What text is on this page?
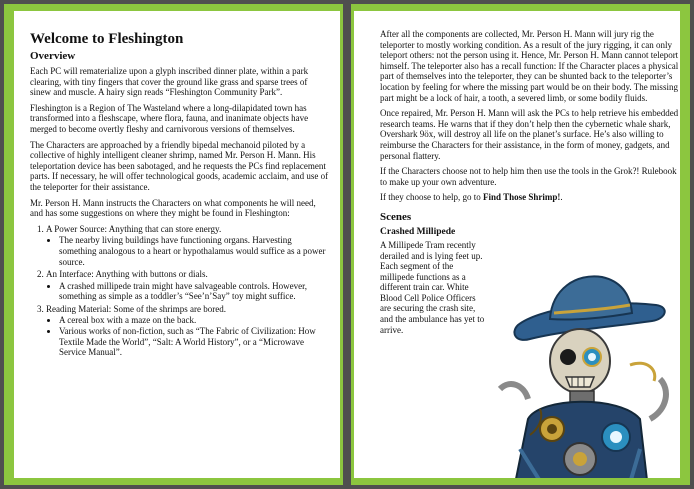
Welcome to Fleshington
Overview

Each PC will rematerialize upon a glyph inscribed dinner plate, within a park clearing, with tiny fingers that cover the ground like grass and sparse trees of sinew and muscle. A hairy sign reads “Fleshington Community Park”.

Fleshington is a Region of The Wasteland where a long-dilapidated town has transformed into a fleshscape, where flora, fauna, and inanimate objects have merged to become overtly fleshy and carnivorous versions of themselves.

The Characters are approached by a friendly bipedal mechanoid piloted by a collective of highly intelligent cleaner shrimp, named Mr. Person H. Mann. His teleportation device has been sabotaged, and he requests the PCs find replacement parts. If necessary, he will offer technological goods, academic acclaim, and use of the teleporter for their assistance.

Mr. Person H. Mann instructs the Characters on what components he will need, and has some suggestions on where they might be found in Fleshington:

1. A Power Source: Anything that can store energy.
• The nearby living buildings have functioning organs. Harvesting something analogous to a heart or hypothalamus would suffice as a power source.
2. An Interface: Anything with buttons or dials.
• A crashed millipede train might have salvageable controls. However, something as simple as a toddler’s “See’n’Say” toy might suffice.
3. Reading Material: Some of the shrimps are bored.
• A cereal box with a maze on the back.
• Various works of non-fiction, such as “The Fabric of Civilization: How Textile Made the World”, “Salt: A World History”, or a “Microwave Service Manual”.

After all the components are collected, Mr. Person H. Mann will jury rig the teleporter to mostly working condition. As a result of the jury rigging, it can only teleport others: not the person using it. Hence, Mr. Person H. Mann cannot teleport himself. The teleporter also has a recall function: If the Character places a physical part of themselves into the teleporter, they can be shunted back to the teleporter’s location by feeling for where the missing part would be on their body. The missing part might be a lock of hair, a tooth, a severed limb, or some bodily fluids.

Once repaired, Mr. Person H. Mann will ask the PCs to help retrieve his embedded research teams. He warns that if they don’t help then the cybernetic whale shark, Overshark 9öx, will destroy all life on the planet’s surface. He’s also willing to reimburse the Characters for their assistance, in the form of money, gadgets, and personal flattery.

If the Characters choose not to help him then use the tools in the Grok?! Rulebook to make up your own adventure.

If they choose to help, go to Find Those Shrimp!.

Scenes
Crashed Millipede

A Millipede Tram recently derailed and is lying feet up. Each segment of the millipede functions as a different train car. White Blood Cell Police Officers are securing the crash site, and the ambulance has yet to arrive.
